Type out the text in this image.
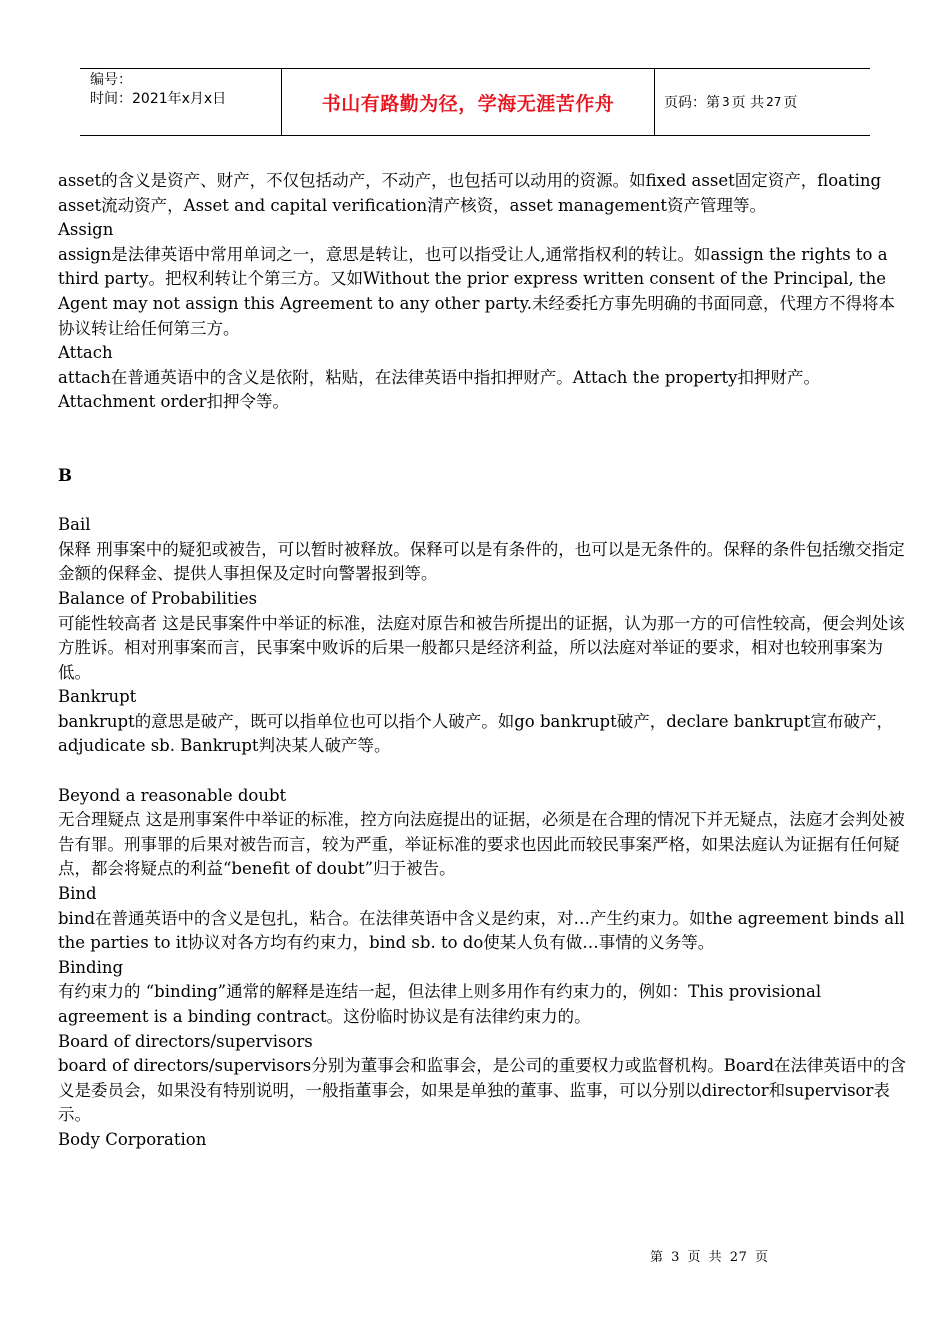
编号：
时间：2021年x月x日	书山有路勤为径，学海无涯苦作舟	页码：第 3 页 共 27 页

asset的含义是资产、财产，不仅包括动产，不动产，也包括可以动用的资源。如fixed asset固定资产，floating asset流动资产，Asset and capital verification清产核资，asset management资产管理等。

Assign

assign是法律英语中常用单词之一，意思是转让，也可以指受让人,通常指权利的转让。如assign the rights to a third party。把权利转让个第三方。又如Without the prior express written consent of the Principal, the Agent may not assign this Agreement to any other party.未经委托方事先明确的书面同意，代理方不得将本协议转让给任何第三方。

Attach

attach在普通英语中的含义是依附，粘贴，在法律英语中指扣押财产。Attach the property扣押财产。Attachment order扣押令等。

B

Bail

保释 刑事案中的疑犯或被告，可以暂时被释放。保释可以是有条件的，也可以是无条件的。保释的条件包括缴交指定金额的保释金、提供人事担保及定时向警署报到等。

Balance of Probabilities

可能性较高者 这是民事案件中举证的标准，法庭对原告和被告所提出的证据，认为那一方的可信性较高，便会判处该方胜诉。相对刑事案而言，民事案中败诉的后果一般都只是经济利益，所以法庭对举证的要求，相对也较刑事案为低。

Bankrupt

bankrupt的意思是破产，既可以指单位也可以指个人破产。如go bankrupt破产，declare bankrupt宣布破产，adjudicate sb. Bankrupt判决某人破产等。

Beyond a reasonable doubt

无合理疑点 这是刑事案件中举证的标准，控方向法庭提出的证据，必须是在合理的情况下并无疑点，法庭才会判处被告有罪。刑事罪的后果对被告而言，较为严重，举证标准的要求也因此而较民事案严格，如果法庭认为证据有任何疑点，都会将疑点的利益“benefit of doubt”归于被告。

Bind

bind在普通英语中的含义是包扎，粘合。在法律英语中含义是约束，对…产生约束力。如the agreement binds all the parties to it协议对各方均有约束力，bind sb. to do使某人负有做…事情的义务等。

Binding

有约束力的 “binding”通常的解释是连结一起，但法律上则多用作有约束力的，例如：This provisional agreement is a binding contract。这份临时协议是有法律约束力的。

Board of directors/supervisors

board of directors/supervisors分别为董事会和监事会，是公司的重要权力或监督机构。Board在法律英语中的含义是委员会，如果没有特别说明，一般指董事会，如果是单独的董事、监事，可以分别以director和supervisor表示。

Body Corporation

第 3 页 共 27 页
